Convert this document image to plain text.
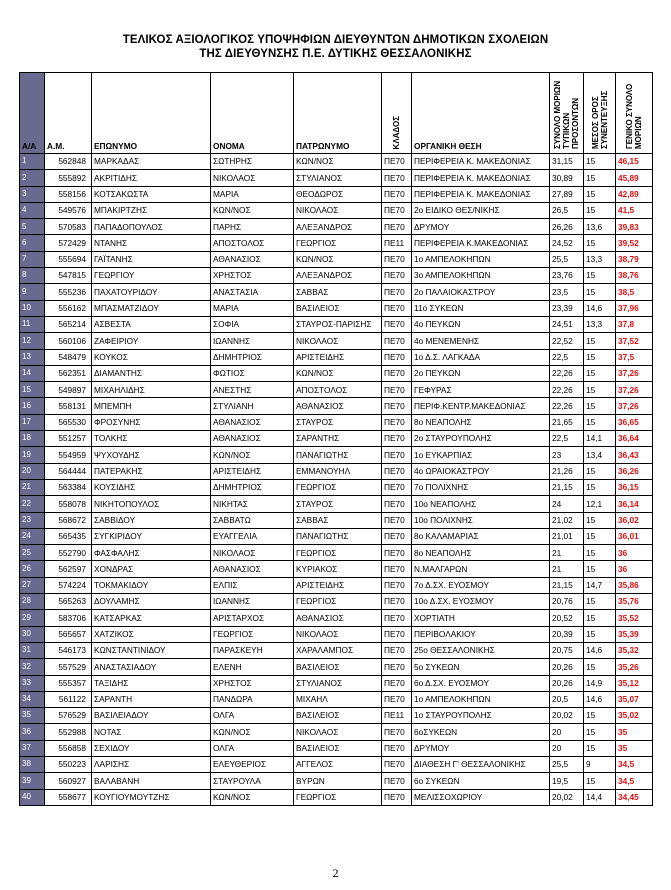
ΤΕΛΙΚΟΣ ΑΞΙΟΛΟΓΙΚΟΣ ΥΠΟΨΗΦΙΩΝ ΔΙΕΥΘΥΝΤΩΝ ΔΗΜΟΤΙΚΩΝ ΣΧΟΛΕΙΩΝ
ΤΗΣ ΔΙΕΥΘΥΝΣΗΣ Π.Ε. ΔΥΤΙΚΗΣ ΘΕΣΣΑΛΟΝΙΚΗΣ
Α/Α	Α.Μ.	ΕΠΩΝΥΜΟ	ΟΝΟΜΑ	ΠΑΤΡΩΝΥΜΟ	ΚΛΑΔΟΣ	ΟΡΓΑΝΙΚΗ ΘΕΣΗ	ΣΥΝΟΛΟ ΜΟΡΙΩΝ ΤΥΠΙΚΩΝ ΠΡΟΣΟΝΤΩΝ	ΜΕΣΟΣ ΟΡΟΣ ΣΥΝΕΝΤΕΥΞΗΣ	ΓΕΝΙΚΟ ΣΥΝΟΛΟ ΜΟΡΙΩΝ
1	562848	ΜΑΡΚΑΔΑΣ	ΣΩΤΗΡΗΣ	ΚΩΝ/ΝΟΣ	ΠΕ70	ΠΕΡΙΦΕΡΕΙΑ Κ. ΜΑΚΕΔΟΝΙΑΣ	31,15	15	46,15
2	555892	ΑΚΡΙΤΙΔΗΣ	ΝΙΚΟΛΑΟΣ	ΣΤΥΛΙΑΝΟΣ	ΠΕ70	ΠΕΡΙΦΕΡΕΙΑ Κ. ΜΑΚΕΔΟΝΙΑΣ	30,89	15	45,89
3	558156	ΚΟΤΣΑΚΩΣΤΑ	ΜΑΡΙΑ	ΘΕΟΔΩΡΟΣ	ΠΕ70	ΠΕΡΙΦΕΡΕΙΑ Κ. ΜΑΚΕΔΟΝΙΑΣ	27,89	15	42,89
4	549576	ΜΠΑΚΙΡΤΖΗΣ	ΚΩΝ/ΝΟΣ	ΝΙΚΟΛΑΟΣ	ΠΕ70	2ο ΕΙΔΙΚΟ ΘΕΣ/ΝΙΚΗΣ	26,5	15	41,5
5	570583	ΠΑΠΑΔΟΠΟΥΛΟΣ	ΠΑΡΗΣ	ΑΛΕΞΑΝΔΡΟΣ	ΠΕ70	ΔΡΥΜΟΥ	26,26	13,6	39,83
6	572429	ΝΤΑΝΗΣ	ΑΠΟΣΤΟΛΟΣ	ΓΕΩΡΓΙΟΣ	ΠΕ11	ΠΕΡΙΦΕΡΕΙΑ Κ.ΜΑΚΕΔΟΝΙΑΣ	24,52	15	39,52
7	555694	ΓΑΪΤΑΝΗΣ	ΑΘΑΝΑΣΙΟΣ	ΚΩΝ/ΝΟΣ	ΠΕ70	1ο ΑΜΠΕΛΟΚΗΠΩΝ	25,5	13,3	38,79
8	547815	ΓΕΩΡΓΙΟΥ	ΧΡΗΣΤΟΣ	ΑΛΕΞΑΝΔΡΟΣ	ΠΕ70	3ο ΑΜΠΕΛΟΚΗΠΩΝ	23,76	15	38,76
9	555236	ΠΑΧΑΤΟΥΡΙΔΟΥ	ΑΝΑΣΤΑΣΙΑ	ΣΑΒΒΑΣ	ΠΕ70	2ο ΠΑΛΑΙΟΚΑΣΤΡΟΥ	23,5	15	38,5
10	556162	ΜΠΑΣΜΑΤΖΙΔΟΥ	ΜΑΡΙΑ	ΒΑΣΙΛΕΙΟΣ	ΠΕ70	11ο ΣΥΚΕΩΝ	23,39	14,6	37,96
11	565214	ΑΣΒΕΣΤΑ	ΣΟΦΙΑ	ΣΤΑΥΡΟΣ-ΠΑΡΙΣΗΣ	ΠΕ70	4ο ΠΕΥΚΩΝ	24,51	13,3	37,8
12	560106	ΖΑΦΕΙΡΙΟΥ	ΙΩΑΝΝΗΣ	ΝΙΚΟΛΑΟΣ	ΠΕ70	4ο ΜΕΝΕΜΕΝΗΣ	22,52	15	37,52
13	548479	ΚΟΥΚΟΣ	ΔΗΜΗΤΡΙΟΣ	ΑΡΙΣΤΕΙΔΗΣ	ΠΕ70	1ο Δ.Σ. ΛΑΓΚΑΔΑ	22,5	15	37,5
14	562351	ΔΙΑΜΑΝΤΗΣ	ΦΩΤΙΟΣ	ΚΩΝ/ΝΟΣ	ΠΕ70	2ο ΠΕΥΚΩΝ	22,26	15	37,26
15	549897	ΜΙΧΑΗΛΙΔΗΣ	ΑΝΕΣΤΗΣ	ΑΠΟΣΤΟΛΟΣ	ΠΕ70	ΓΕΦΥΡΑΣ	22,26	15	37,26
16	558131	ΜΠΕΜΠΗ	ΣΤΥΛΙΑΝΗ	ΑΘΑΝΑΣΙΟΣ	ΠΕ70	ΠΕΡΙΦ.ΚΕΝΤΡ.ΜΑΚΕΔΟΝΙΑΣ	22,26	15	37,26
17	565530	ΦΡΟΣΥΝΗΣ	ΑΘΑΝΑΣΙΟΣ	ΣΤΑΥΡΟΣ	ΠΕ70	8ο ΝΕΑΠΟΛΗΣ	21,65	15	36,65
18	551257	ΤΟΛΚΗΣ	ΑΘΑΝΑΣΙΟΣ	ΣΑΡΑΝΤΗΣ	ΠΕ70	2ο ΣΤΑΥΡΟΥΠΟΛΗΣ	22,5	14,1	36,64
19	554959	ΨΥΧΟΥΔΗΣ	ΚΩΝ/ΝΟΣ	ΠΑΝΑΓΙΩΤΗΣ	ΠΕ70	1ο ΕΥΚΑΡΠΙΑΣ	23	13,4	36,43
20	564444	ΠΑΤΕΡΑΚΗΣ	ΑΡΙΣΤΕΙΔΗΣ	ΕΜΜΑΝΟΥΗΛ	ΠΕ70	4ο ΩΡΑΙΟΚΑΣΤΡΟΥ	21,26	15	36,26
21	563384	ΚΟΥΣΙΔΗΣ	ΔΗΜΗΤΡΙΟΣ	ΓΕΩΡΓΙΟΣ	ΠΕ70	7ο ΠΟΛΙΧΝΗΣ	21,15	15	36,15
22	558078	ΝΙΚΗΤΟΠΟΥΛΟΣ	ΝΙΚΗΤΑΣ	ΣΤΑΥΡΟΣ	ΠΕ70	10ο ΝΕΑΠΟΛΗΣ	24	12,1	36,14
23	568672	ΣΑΒΒΙΔΟΥ	ΣΑΒΒΑΤΩ	ΣΑΒΒΑΣ	ΠΕ70	10ο ΠΟΛΙΧΝΗΣ	21,02	15	36,02
24	565435	ΣΥΓΚΙΡΙΔΟΥ	ΕΥΑΓΓΕΛΙΑ	ΠΑΝΑΓΙΩΤΗΣ	ΠΕ70	8ο ΚΑΛΑΜΑΡΙΑΣ	21,01	15	36,01
25	552790	ΦΑΣΦΑΛΗΣ	ΝΙΚΟΛΑΟΣ	ΓΕΩΡΓΙΟΣ	ΠΕ70	8ο ΝΕΑΠΟΛΗΣ	21	15	36
26	562597	ΧΟΝΔΡΑΣ	ΑΘΑΝΑΣΙΟΣ	ΚΥΡΙΑΚΟΣ	ΠΕ70	Ν.ΜΑΛΓΑΡΩΝ	21	15	36
27	574224	ΤΟΚΜΑΚΙΔΟΥ	ΕΛΠΙΣ	ΑΡΙΣΤΕΙΔΗΣ	ΠΕ70	7ο Δ.ΣΧ. ΕΥΟΣΜΟΥ	21,15	14,7	35,86
28	565263	ΔΟΥΛΑΜΗΣ	ΙΩΑΝΝΗΣ	ΓΕΩΡΓΙΟΣ	ΠΕ70	10ο Δ.ΣΧ. ΕΥΟΣΜΟΥ	20,76	15	35,76
29	583706	ΚΑΤΣΑΡΚΑΣ	ΑΡΙΣΤΑΡΧΟΣ	ΑΘΑΝΑΣΙΟΣ	ΠΕ70	ΧΟΡΤΙΑΤΗ	20,52	15	35,52
30	565657	ΧΑΤΖΙΚΟΣ	ΓΕΩΡΓΙΟΣ	ΝΙΚΟΛΑΟΣ	ΠΕ70	ΠΕΡΙΒΟΛΑΚΙΟΥ	20,39	15	35,39
31	546173	ΚΩΝΣΤΑΝΤΙΝΙΔΟΥ	ΠΑΡΑΣΚΕΥΗ	ΧΑΡΑΛΑΜΠΟΣ	ΠΕ70	25ο ΘΕΣΣΑΛΟΝΙΚΗΣ	20,75	14,6	35,32
32	557529	ΑΝΑΣΤΑΣΙΑΔΟΥ	ΕΛΕΝΗ	ΒΑΣΙΛΕΙΟΣ	ΠΕ70	5ο ΣΥΚΕΩΝ	20,26	15	35,26
33	555357	ΤΑΞΙΔΗΣ	ΧΡΗΣΤΟΣ	ΣΤΥΛΙΑΝΟΣ	ΠΕ70	6ο Δ.ΣΧ. ΕΥΟΣΜΟΥ	20,26	14,9	35,12
34	561122	ΣΑΡΑΝΤΗ	ΠΑΝΔΩΡΑ	ΜΙΧΑΗΛ	ΠΕ70	1ο ΑΜΠΕΛΟΚΗΠΩΝ	20,5	14,6	35,07
35	576529	ΒΑΣΙΛΕΙΑΔΟΥ	ΟΛΓΑ	ΒΑΣΙΛΕΙΟΣ	ΠΕ11	1ο ΣΤΑΥΡΟΥΠΟΛΗΣ	20,02	15	35,02
36	552988	ΝΟΤΑΣ	ΚΩΝ/ΝΟΣ	ΝΙΚΟΛΑΟΣ	ΠΕ70	6οΣΥΚΕΩΝ	20	15	35
37	556858	ΣΕΧΙΔΟΥ	ΟΛΓΑ	ΒΑΣΙΛΕΙΟΣ	ΠΕ70	ΔΡΥΜΟΥ	20	15	35
38	550223	ΛΑΡΙΣΗΣ	ΕΛΕΥΘΕΡΙΟΣ	ΑΓΓΕΛΟΣ	ΠΕ70	ΔΙΑΘΕΣΗ Γ' ΘΕΣΣΑΛΟΝΙΚΗΣ	25,5	9	34,5
39	560927	ΒΑΛΑΒΑΝΗ	ΣΤΑΥΡΟΥΛΑ	ΒΥΡΩΝ	ΠΕ70	6ο ΣΥΚΕΩΝ	19,5	15	34,5
40	558677	ΚΟΥΓΙΟΥΜΟΥΤΖΗΣ	ΚΩΝ/ΝΟΣ	ΓΕΩΡΓΙΟΣ	ΠΕ70	ΜΕΛΙΣΣΟΧΩΡΙΟΥ	20,02	14,4	34,45
2
